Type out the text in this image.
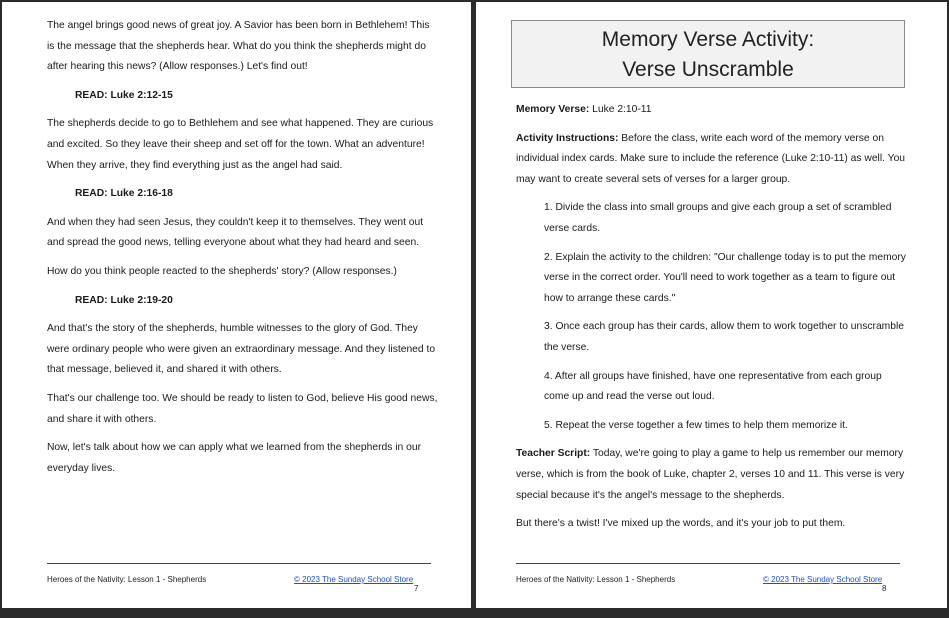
The angel brings good news of great joy. A Savior has been born in Bethlehem! This is the message that the shepherds hear. What do you think the shepherds might do after hearing this news? (Allow responses.) Let's find out!

READ: Luke 2:12-15

The shepherds decide to go to Bethlehem and see what happened. They are curious and excited. So they leave their sheep and set off for the town. What an adventure! When they arrive, they find everything just as the angel had said.

READ: Luke 2:16-18

And when they had seen Jesus, they couldn't keep it to themselves. They went out and spread the good news, telling everyone about what they had heard and seen.

How do you think people reacted to the shepherds' story? (Allow responses.)

READ: Luke 2:19-20

And that's the story of the shepherds, humble witnesses to the glory of God. They were ordinary people who were given an extraordinary message. And they listened to that message, believed it, and shared it with others.

That's our challenge too. We should be ready to listen to God, believe His good news, and share it with others.

Now, let's talk about how we can apply what we learned from the shepherds in our everyday lives.

Heroes of the Nativity: Lesson 1 - Shepherds	© 2023 The Sunday School Store
7
Memory Verse Activity:
Verse Unscramble

Memory Verse: Luke 2:10-11

Activity Instructions: Before the class, write each word of the memory verse on individual index cards. Make sure to include the reference (Luke 2:10-11) as well. You may want to create several sets of verses for a larger group.

1. Divide the class into small groups and give each group a set of scrambled verse cards.
2. Explain the activity to the children: "Our challenge today is to put the memory verse in the correct order. You'll need to work together as a team to figure out how to arrange these cards."
3. Once each group has their cards, allow them to work together to unscramble the verse.
4. After all groups have finished, have one representative from each group come up and read the verse out loud.
5. Repeat the verse together a few times to help them memorize it.

Teacher Script: Today, we're going to play a game to help us remember our memory verse, which is from the book of Luke, chapter 2, verses 10 and 11. This verse is very special because it's the angel's message to the shepherds.

But there's a twist! I've mixed up the words, and it's your job to put them.

Heroes of the Nativity: Lesson 1 - Shepherds	© 2023 The Sunday School Store
8
